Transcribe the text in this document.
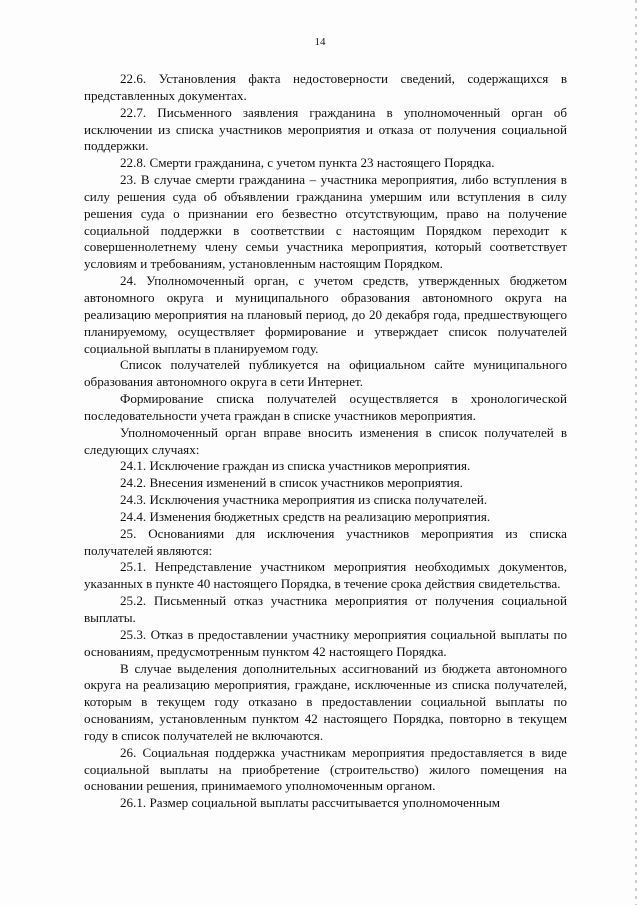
14

22.6. Установления факта недостоверности сведений, содержащихся в представленных документах.

22.7. Письменного заявления гражданина в уполномоченный орган об исключении из списка участников мероприятия и отказа от получения социальной поддержки.

22.8. Смерти гражданина, с учетом пункта 23 настоящего Порядка.

23. В случае смерти гражданина – участника мероприятия, либо вступления в силу решения суда об объявлении гражданина умершим или вступления в силу решения суда о признании его безвестно отсутствующим, право на получение социальной поддержки в соответствии с настоящим Порядком переходит к совершеннолетнему члену семьи участника мероприятия, который соответствует условиям и требованиям, установленным настоящим Порядком.

24. Уполномоченный орган, с учетом средств, утвержденных бюджетом автономного округа и муниципального образования автономного округа на реализацию мероприятия на плановый период, до 20 декабря года, предшествующего планируемому, осуществляет формирование и утверждает список получателей социальной выплаты в планируемом году.

Список получателей публикуется на официальном сайте муниципального образования автономного округа в сети Интернет.

Формирование списка получателей осуществляется в хронологической последовательности учета граждан в списке участников мероприятия.

Уполномоченный орган вправе вносить изменения в список получателей в следующих случаях:

24.1. Исключение граждан из списка участников мероприятия.

24.2. Внесения изменений в список участников мероприятия.

24.3. Исключения участника мероприятия из списка получателей.

24.4. Изменения бюджетных средств на реализацию мероприятия.

25. Основаниями для исключения участников мероприятия из списка получателей являются:

25.1. Непредставление участником мероприятия необходимых документов, указанных в пункте 40 настоящего Порядка, в течение срока действия свидетельства.

25.2. Письменный отказ участника мероприятия от получения социальной выплаты.

25.3. Отказ в предоставлении участнику мероприятия социальной выплаты по основаниям, предусмотренным пунктом 42 настоящего Порядка.

В случае выделения дополнительных ассигнований из бюджета автономного округа на реализацию мероприятия, граждане, исключенные из списка получателей, которым в текущем году отказано в предоставлении социальной выплаты по основаниям, установленным пунктом 42 настоящего Порядка, повторно в текущем году в список получателей не включаются.

26. Социальная поддержка участникам мероприятия предоставляется в виде социальной выплаты на приобретение (строительство) жилого помещения на основании решения, принимаемого уполномоченным органом.

26.1. Размер социальной выплаты рассчитывается уполномоченным
